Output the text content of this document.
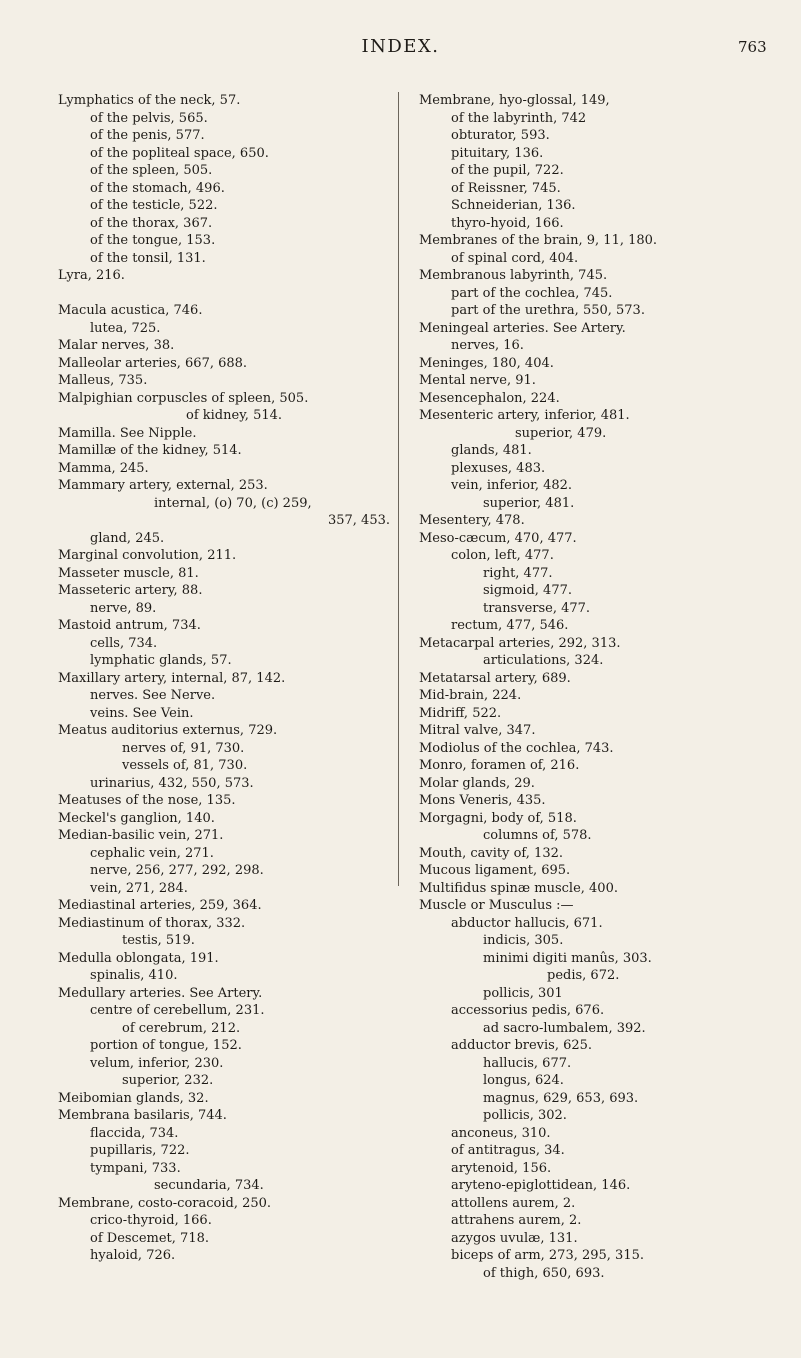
INDEX.	763
Lymphatics of the neck, 57.
of the pelvis, 565.
of the penis, 577.
of the popliteal space, 650.
of the spleen, 505.
of the stomach, 496.
of the testicle, 522.
of the thorax, 367.
of the tongue, 153.
of the tonsil, 131.
Lyra, 216.
Macula acustica, 746.
lutea, 725.
Malar nerves, 38.
Malleolar arteries, 667, 688.
Malleus, 735.
Malpighian corpuscles of spleen, 505.
of kidney, 514.
Mamilla. See Nipple.
Mamillæ of the kidney, 514.
Mamma, 245.
Mammary artery, external, 253.
internal, (o) 70, (c) 259,
357, 453.
gland, 245.
Marginal convolution, 211.
Masseter muscle, 81.
Masseteric artery, 88.
nerve, 89.
Mastoid antrum, 734.
cells, 734.
lymphatic glands, 57.
Maxillary artery, internal, 87, 142.
nerves. See Nerve.
veins. See Vein.
Meatus auditorius externus, 729.
nerves of, 91, 730.
vessels of, 81, 730.
urinarius, 432, 550, 573.
Meatuses of the nose, 135.
Meckel's ganglion, 140.
Median-basilic vein, 271.
cephalic vein, 271.
nerve, 256, 277, 292, 298.
vein, 271, 284.
Mediastinal arteries, 259, 364.
Mediastinum of thorax, 332.
testis, 519.
Medulla oblongata, 191.
spinalis, 410.
Medullary arteries. See Artery.
centre of cerebellum, 231.
of cerebrum, 212.
portion of tongue, 152.
velum, inferior, 230.
superior, 232.
Meibomian glands, 32.
Membrana basilaris, 744.
flaccida, 734.
pupillaris, 722.
tympani, 733.
secundaria, 734.
Membrane, costo-coracoid, 250.
crico-thyroid, 166.
of Descemet, 718.
hyaloid, 726.
Membrane, hyo-glossal, 149,
of the labyrinth, 742
obturator, 593.
pituitary, 136.
of the pupil, 722.
of Reissner, 745.
Schneiderian, 136.
thyro-hyoid, 166.
Membranes of the brain, 9, 11, 180.
of spinal cord, 404.
Membranous labyrinth, 745.
part of the cochlea, 745.
part of the urethra, 550, 573.
Meningeal arteries. See Artery.
nerves, 16.
Meninges, 180, 404.
Mental nerve, 91.
Mesencephalon, 224.
Mesenteric artery, inferior, 481.
superior, 479.
glands, 481.
plexuses, 483.
vein, inferior, 482.
superior, 481.
Mesentery, 478.
Meso-cæcum, 470, 477.
colon, left, 477.
right, 477.
sigmoid, 477.
transverse, 477.
rectum, 477, 546.
Metacarpal arteries, 292, 313.
articulations, 324.
Metatarsal artery, 689.
Mid-brain, 224.
Midriff, 522.
Mitral valve, 347.
Modiolus of the cochlea, 743.
Monro, foramen of, 216.
Molar glands, 29.
Mons Veneris, 435.
Morgagni, body of, 518.
columns of, 578.
Mouth, cavity of, 132.
Mucous ligament, 695.
Multifidus spinæ muscle, 400.
Muscle or Musculus :—
abductor hallucis, 671.
indicis, 305.
minimi digiti manûs, 303.
pedis, 672.
pollicis, 301
accessorius pedis, 676.
ad sacro-lumbalem, 392.
adductor brevis, 625.
hallucis, 677.
longus, 624.
magnus, 629, 653, 693.
pollicis, 302.
anconeus, 310.
of antitragus, 34.
arytenoid, 156.
aryteno-epiglottidean, 146.
attollens aurem, 2.
attrahens aurem, 2.
azygos uvulæ, 131.
biceps of arm, 273, 295, 315.
of thigh, 650, 693.
